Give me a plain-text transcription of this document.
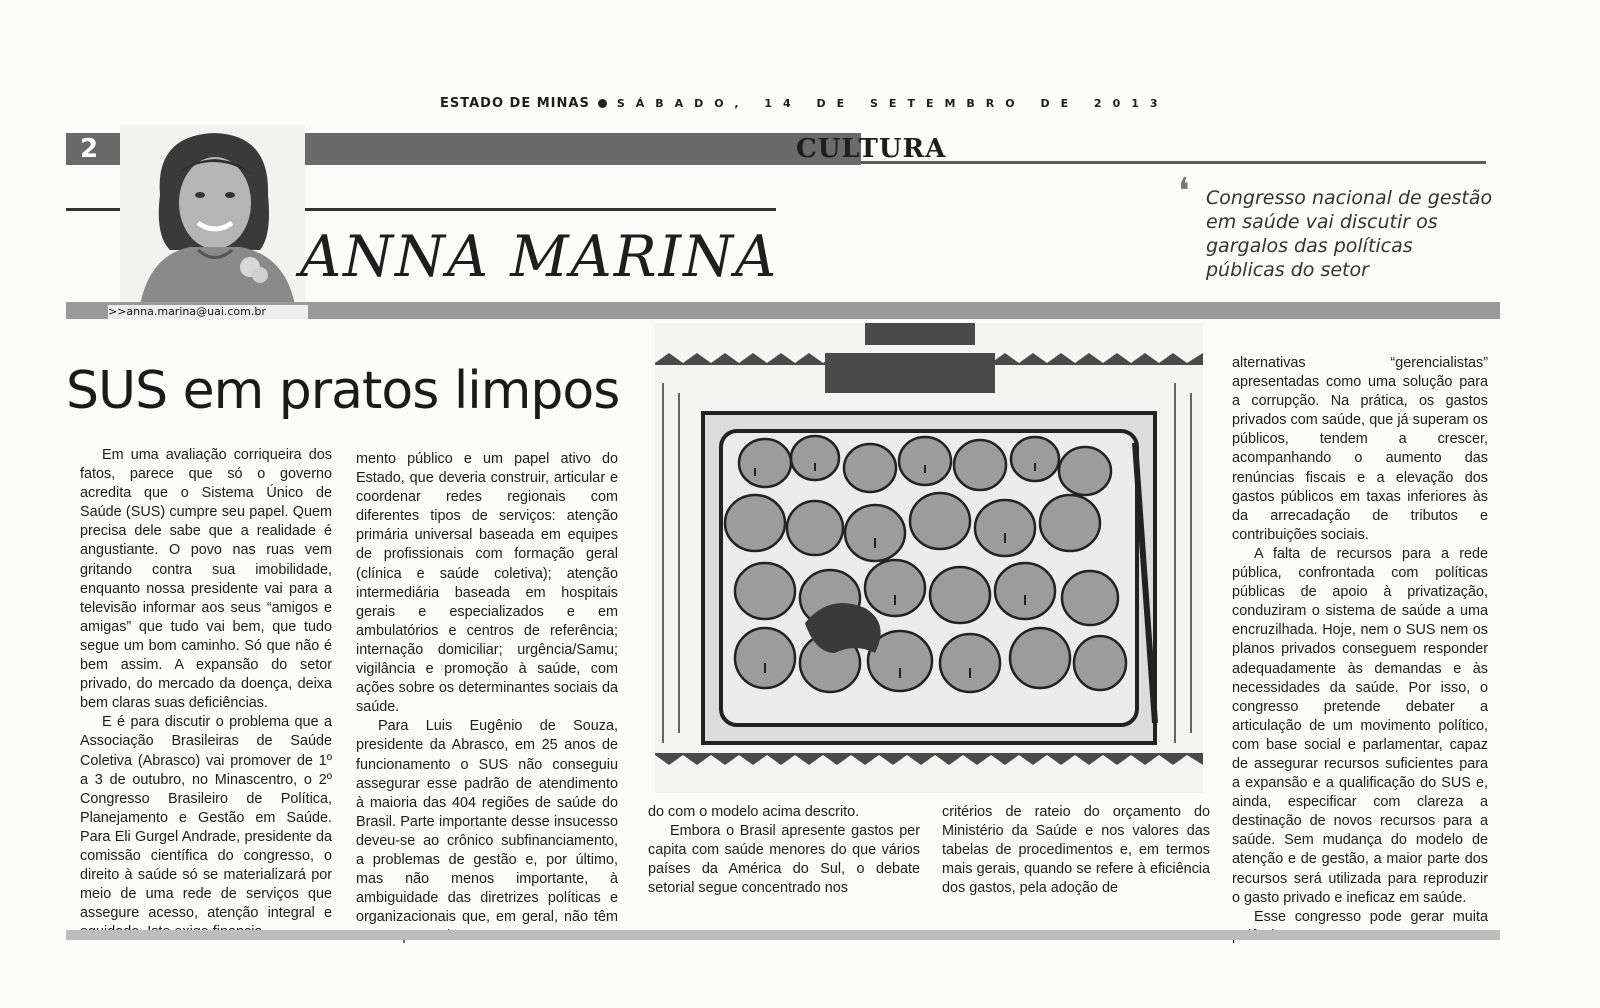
ESTADO DE MINAS SÁBADO, 14 DE SETEMBRO DE 2013
2	CULTURA
ANNA MARINA
❛ Congresso nacional de gestão em saúde vai discutir os gargalos das políticas públicas do setor
>>anna.marina@uai.com.br
SUS em pratos limpos

Em uma avaliação corriqueira dos fatos, parece que só o governo acredita que o Sistema Único de Saúde (SUS) cumpre seu papel. Quem precisa dele sabe que a realidade é angustiante. O povo nas ruas vem gritando contra sua imobilidade, enquanto nossa presidente vai para a televisão informar aos seus “amigos e amigas” que tudo vai bem, que tudo segue um bom caminho. Só que não é bem assim. A expansão do setor privado, do mercado da doença, deixa bem claras suas deficiências.

E é para discutir o problema que a Associação Brasileiras de Saúde Coletiva (Abrasco) vai promover de 1º a 3 de outubro, no Minascentro, o 2º Congresso Brasileiro de Política, Planejamento e Gestão em Saúde. Para Eli Gurgel Andrade, presidente da comissão científica do congresso, o direito à saúde só se materializará por meio de uma rede de serviços que assegure acesso, atenção integral e

mento público e um papel ativo do Estado, que deveria construir, articular e coordenar redes regionais com diferentes tipos de serviços: atenção primária universal baseada em equipes de profissionais com formação geral (clínica e saúde coletiva); atenção intermediária baseada em hospitais gerais e especializados e em ambulatórios e centros de referência; internação domiciliar; urgência/Samu; vigilância e promoção à saúde, com ações sobre os determinantes sociais da saúde.

Para Luis Eugênio de Souza, presidente da Abrasco, em 25 anos de funcionamento o SUS não conseguiu assegurar esse padrão de atendimento à maioria das 404 regiões de saúde do Brasil. Parte importante desse insucesso deveu-se ao crônico subfinanciamento, a problemas de gestão e, por último, mas não menos importante, à ambiguidade das diretrizes políticas e organizacionais que, em geral, não têm

do com o modelo acima descrito.

Embora o Brasil apresente gastos per capita com saúde menores do que vários países da América do Sul, o debate setorial segue concentrado nos

critérios de rateio do orçamento do Ministério da Saúde e nos valores das tabelas de procedimentos e, em termos mais gerais, quando se refere à eficiência dos gastos, pela adoção de

alternativas “gerencialistas” apresentadas como uma solução para a corrupção. Na prática, os gastos privados com saúde, que já superam os públicos, tendem a crescer, acompanhando o aumento das renúncias fiscais e a elevação dos gastos públicos em taxas inferiores às da arrecadação de tributos e contribuições sociais.

A falta de recursos para a rede pública, confrontada com políticas públicas de apoio à privatização, conduziram o sistema de saúde a uma encruzilhada. Hoje, nem o SUS nem os planos privados conseguem responder adequadamente às demandas e às necessidades da saúde. Por isso, o congresso pretende debater a articulação de um movimento político, com base social e parlamentar, capaz de assegurar recursos suficientes para a expansão e a qualificação do SUS e, ainda, especificar com clareza a destinação de novos recursos para a saúde. Sem mudança do modelo de atenção e de gestão, a maior parte dos recursos será utilizada para reproduzir o gasto privado e ineficaz em saúde.

Esse congresso pode gerar muita
